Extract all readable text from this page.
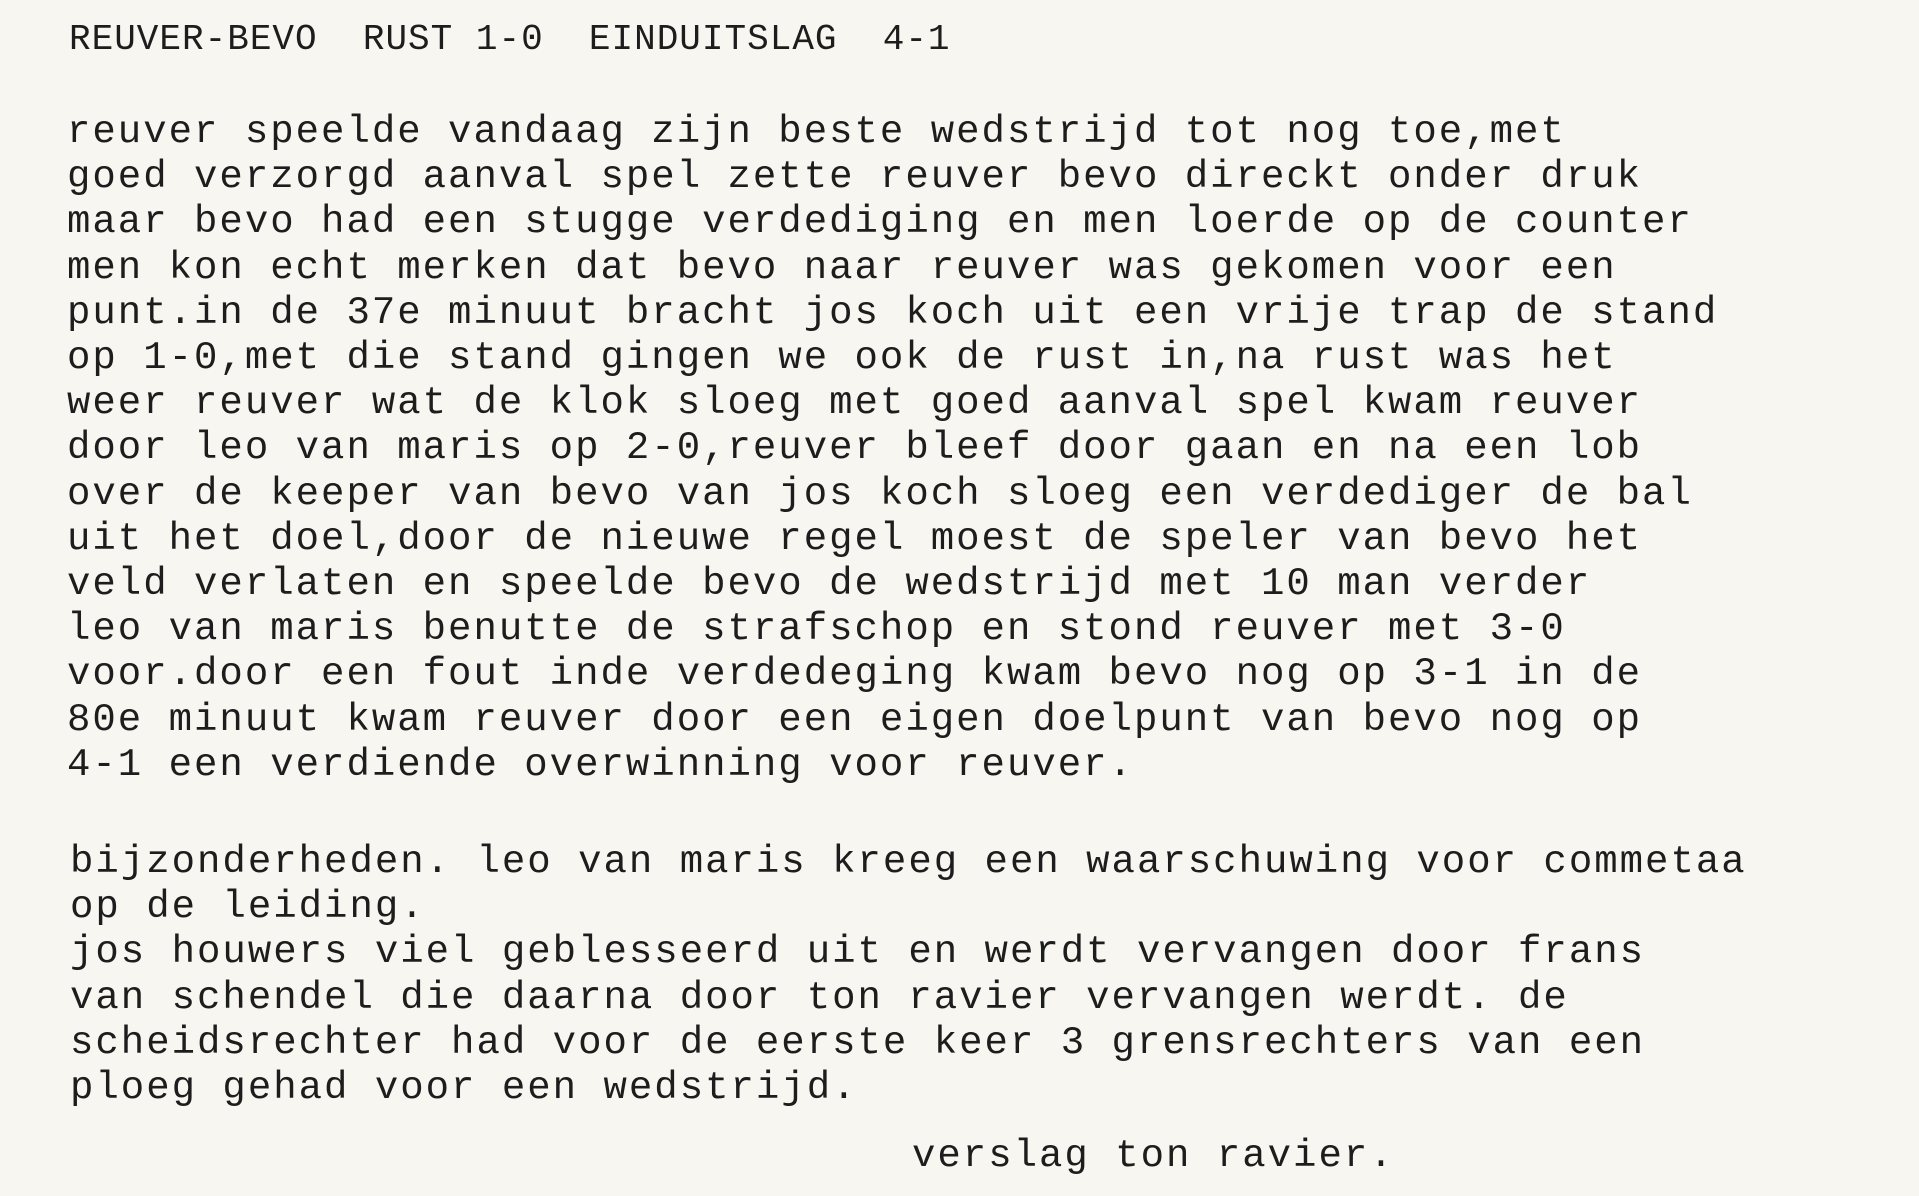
REUVER-BEVO  RUST 1-0  EINDUITSLAG  4-1
reuver speelde vandaag zijn beste wedstrijd tot nog toe,met
goed verzorgd aanval spel zette reuver bevo direckt onder druk
maar bevo had een stugge verdediging en men loerde op de counter
men kon echt merken dat bevo naar reuver was gekomen voor een
punt.in de 37e minuut bracht jos koch uit een vrije trap de stand
op 1-0,met die stand gingen we ook de rust in,na rust was het
weer reuver wat de klok sloeg met goed aanval spel kwam reuver
door leo van maris op 2-0,reuver bleef door gaan en na een lob
over de keeper van bevo van jos koch sloeg een verdediger de bal
uit het doel,door de nieuwe regel moest de speler van bevo het
veld verlaten en speelde bevo de wedstrijd met 10 man verder
leo van maris benutte de strafschop en stond reuver met 3-0
voor.door een fout inde verdedeging kwam bevo nog op 3-1 in de
80e minuut kwam reuver door een eigen doelpunt van bevo nog op
4-1 een verdiende overwinning voor reuver.
bijzonderheden. leo van maris kreeg een waarschuwing voor commetaa
op de leiding.
jos houwers viel geblesseerd uit en werdt vervangen door frans
van schendel die daarna door ton ravier vervangen werdt. de
scheidsrechter had voor de eerste keer 3 grensrechters van een
ploeg gehad voor een wedstrijd.
verslag ton ravier.
